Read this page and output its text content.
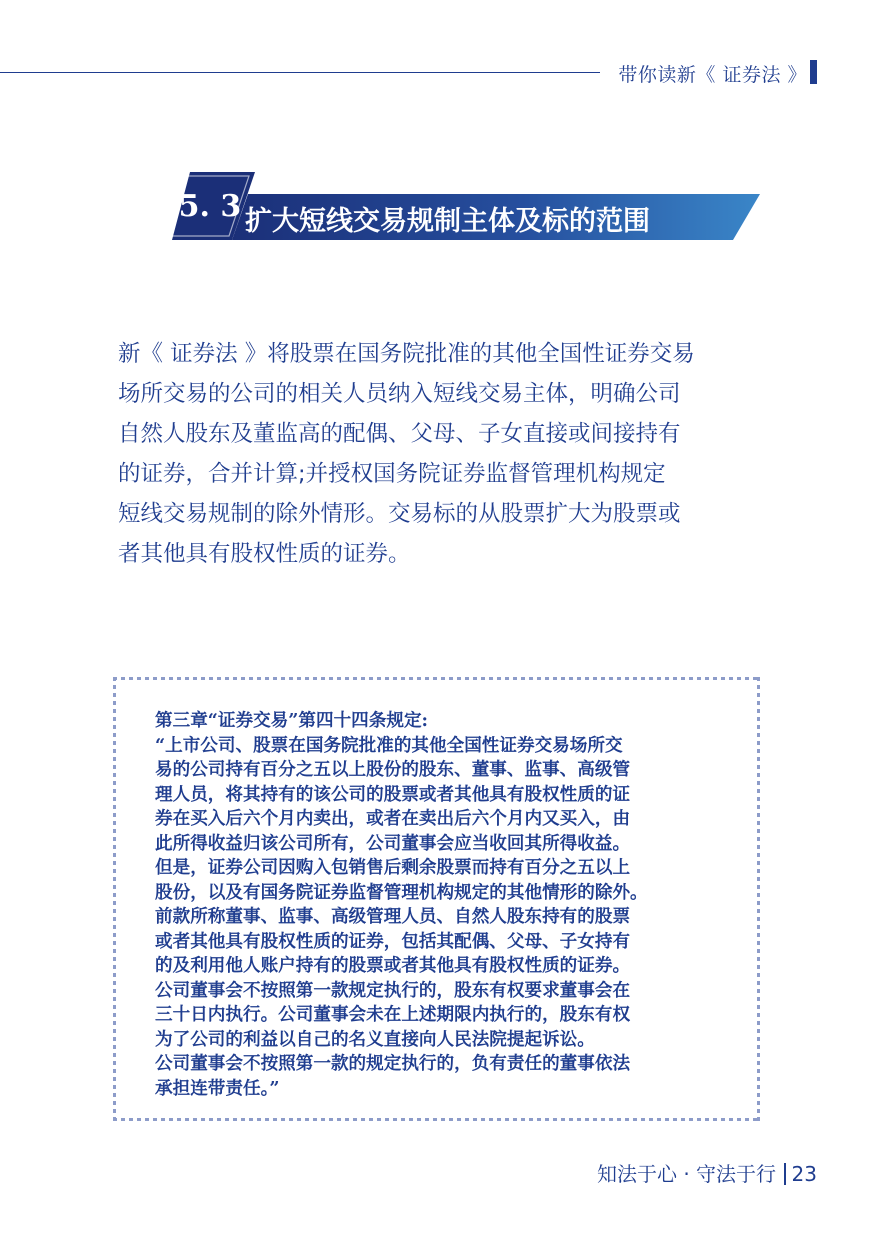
带你读新《 证券法 》
5. 3 扩大短线交易规制主体及标的范围
新《 证券法 》将股票在国务院批准的其他全国性证券交易
场所交易的公司的相关人员纳入短线交易主体，明确公司
自然人股东及董监高的配偶、父母、子女直接或间接持有
的证券，合并计算;并授权国务院证券监督管理机构规定
短线交易规制的除外情形。交易标的从股票扩大为股票或
者其他具有股权性质的证券。

第三章“证券交易”第四十四条规定:

“上市公司、股票在国务院批准的其他全国性证券交易场所交

易的公司持有百分之五以上股份的股东、董事、监事、高级管

理人员，将其持有的该公司的股票或者其他具有股权性质的证

券在买入后六个月内卖出，或者在卖出后六个月内又买入，由

此所得收益归该公司所有，公司董事会应当收回其所得收益。

但是，证券公司因购入包销售后剩余股票而持有百分之五以上

股份，以及有国务院证券监督管理机构规定的其他情形的除外。

前款所称董事、监事、高级管理人员、自然人股东持有的股票

或者其他具有股权性质的证券，包括其配偶、父母、子女持有

的及利用他人账户持有的股票或者其他具有股权性质的证券。

公司董事会不按照第一款规定执行的，股东有权要求董事会在

三十日内执行。公司董事会未在上述期限内执行的，股东有权

为了公司的利益以自己的名义直接向人民法院提起诉讼。

公司董事会不按照第一款的规定执行的，负有责任的董事依法

承担连带责任。”

知法于心 · 守法于行 23
